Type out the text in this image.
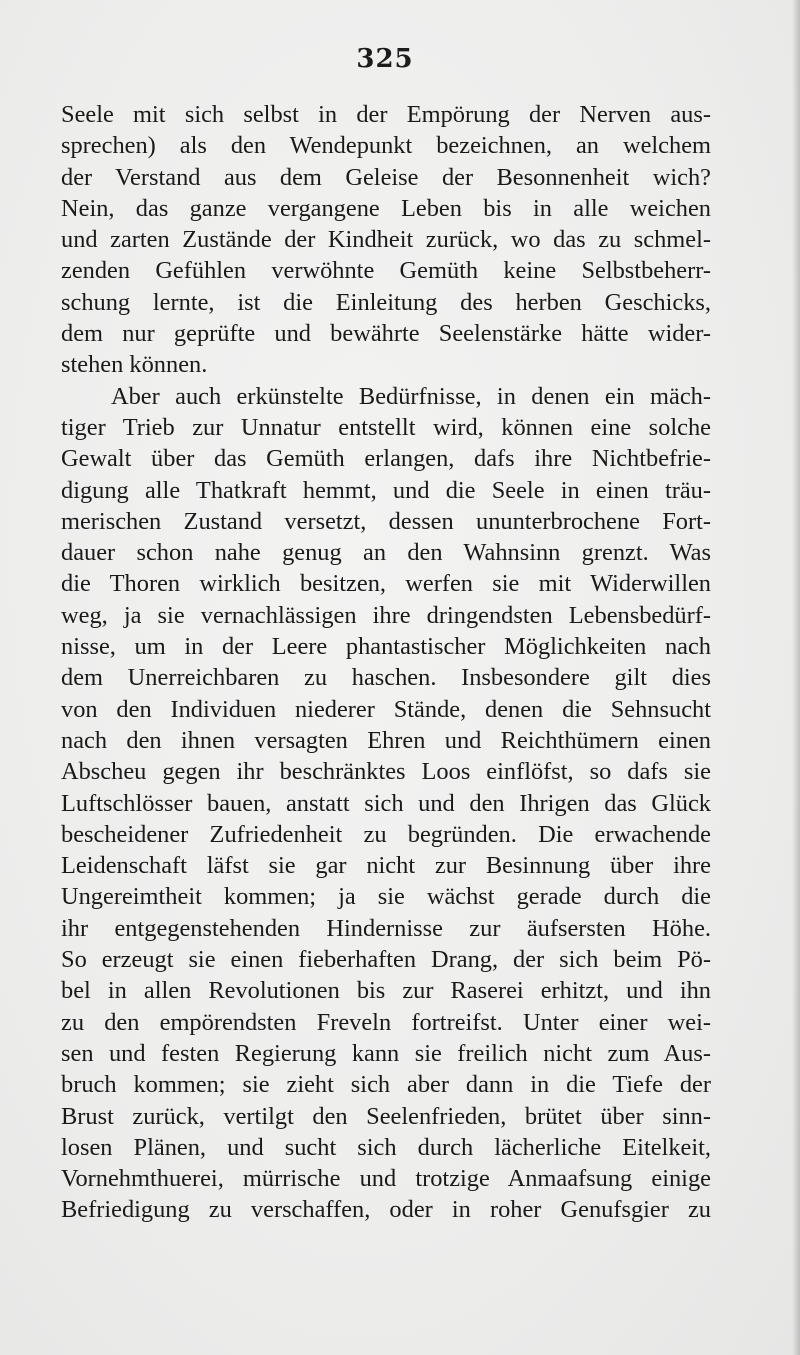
325
Seele mit sich selbst in der Empörung der Nerven aus-
sprechen) als den Wendepunkt bezeichnen, an welchem
der Verstand aus dem Geleise der Besonnenheit wich?
Nein, das ganze vergangene Leben bis in alle weichen
und zarten Zustände der Kindheit zurück, wo das zu schmel-
zenden Gefühlen verwöhnte Gemüth keine Selbstbeherr-
schung lernte, ist die Einleitung des herben Geschicks,
dem nur geprüfte und bewährte Seelenstärke hätte wider-
stehen können.
Aber auch erkünstelte Bedürfnisse, in denen ein mäch-
tiger Trieb zur Unnatur entstellt wird, können eine solche
Gewalt über das Gemüth erlangen, dafs ihre Nichtbefrie-
digung alle Thatkraft hemmt, und die Seele in einen träu-
merischen Zustand versetzt, dessen ununterbrochene Fort-
dauer schon nahe genug an den Wahnsinn grenzt. Was
die Thoren wirklich besitzen, werfen sie mit Widerwillen
weg, ja sie vernachlässigen ihre dringendsten Lebensbedürf-
nisse, um in der Leere phantastischer Möglichkeiten nach
dem Unerreichbaren zu haschen. Insbesondere gilt dies
von den Individuen niederer Stände, denen die Sehnsucht
nach den ihnen versagten Ehren und Reichthümern einen
Abscheu gegen ihr beschränktes Loos einflöfst, so dafs sie
Luftschlösser bauen, anstatt sich und den Ihrigen das Glück
bescheidener Zufriedenheit zu begründen. Die erwachende
Leidenschaft läfst sie gar nicht zur Besinnung über ihre
Ungereimtheit kommen; ja sie wächst gerade durch die
ihr entgegenstehenden Hindernisse zur äufsersten Höhe.
So erzeugt sie einen fieberhaften Drang, der sich beim Pö-
bel in allen Revolutionen bis zur Raserei erhitzt, und ihn
zu den empörendsten Freveln fortreifst. Unter einer wei-
sen und festen Regierung kann sie freilich nicht zum Aus-
bruch kommen; sie zieht sich aber dann in die Tiefe der
Brust zurück, vertilgt den Seelenfrieden, brütet über sinn-
losen Plänen, und sucht sich durch lächerliche Eitelkeit,
Vornehmthuerei, mürrische und trotzige Anmaafsung einige
Befriedigung zu verschaffen, oder in roher Genufsgier zu
